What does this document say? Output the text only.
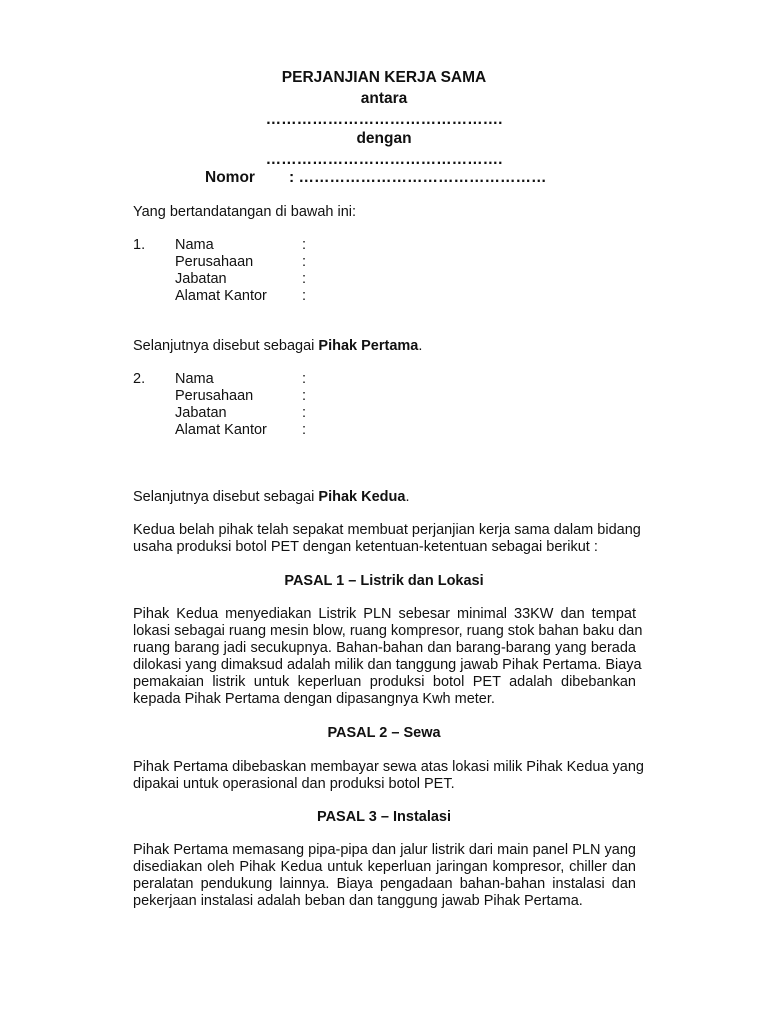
PERJANJIAN KERJA SAMA
antara
……………………………………….
dengan
……………………………………….
Nomor : …………………………………………
Yang bertandatangan di bawah ini:
1. Nama	:
Perusahaan	:
Jabatan	:
Alamat Kantor :
Selanjutnya disebut sebagai Pihak Pertama.
2. Nama	:
Perusahaan	:
Jabatan	:
Alamat Kantor :
Selanjutnya disebut sebagai Pihak Kedua.
Kedua belah pihak telah sepakat membuat perjanjian kerja sama dalam bidang
usaha produksi botol PET dengan ketentuan-ketentuan sebagai berikut :
PASAL 1 – Listrik dan Lokasi
Pihak Kedua menyediakan Listrik PLN sebesar minimal 33KW dan tempat
lokasi sebagai ruang mesin blow, ruang kompresor, ruang stok bahan baku dan
ruang barang jadi secukupnya. Bahan-bahan dan barang-barang yang berada
dilokasi yang dimaksud adalah milik dan tanggung jawab Pihak Pertama. Biaya
pemakaian listrik untuk keperluan produksi botol PET adalah dibebankan
kepada Pihak Pertama dengan dipasangnya Kwh meter.
PASAL 2 – Sewa
Pihak Pertama dibebaskan membayar sewa atas lokasi milik Pihak Kedua yang
dipakai untuk operasional dan produksi botol PET.
PASAL 3 – Instalasi
Pihak Pertama memasang pipa-pipa dan jalur listrik dari main panel PLN yang
disediakan oleh Pihak Kedua untuk keperluan jaringan kompresor, chiller dan
peralatan pendukung lainnya. Biaya pengadaan bahan-bahan instalasi dan
pekerjaan instalasi adalah beban dan tanggung jawab Pihak Pertama.
